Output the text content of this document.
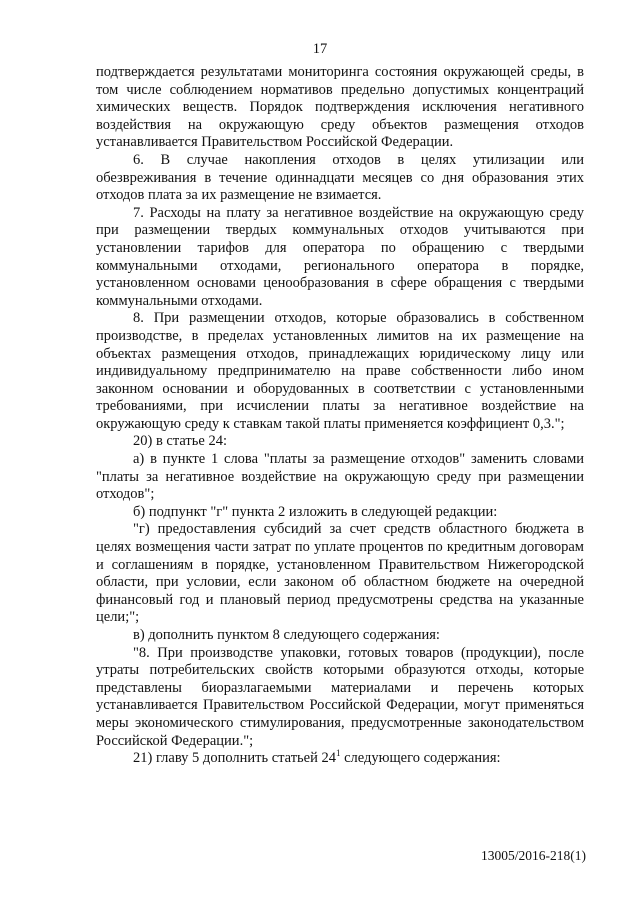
17

подтверждается результатами мониторинга состояния окружающей среды, в том числе соблюдением нормативов предельно допустимых концентраций химических веществ. Порядок подтверждения исключения негативного воздействия на окружающую среду объектов размещения отходов устанавливается Правительством Российской Федерации.

6. В случае накопления отходов в целях утилизации или обезвреживания в течение одиннадцати месяцев со дня образования этих отходов плата за их размещение не взимается.

7. Расходы на плату за негативное воздействие на окружающую среду при размещении твердых коммунальных отходов учитываются при установлении тарифов для оператора по обращению с твердыми коммунальными отходами, регионального оператора в порядке, установленном основами ценообразования в сфере обращения с твердыми коммунальными отходами.

8. При размещении отходов, которые образовались в собственном производстве, в пределах установленных лимитов на их размещение на объектах размещения отходов, принадлежащих юридическому лицу или индивидуальному предпринимателю на праве собственности либо ином законном основании и оборудованных в соответствии с установленными требованиями, при исчислении платы за негативное воздействие на окружающую среду к ставкам такой платы применяется коэффициент 0,3.";

20) в статье 24:

а) в пункте 1 слова "платы за размещение отходов" заменить словами "платы за негативное воздействие на окружающую среду при размещении отходов";

б) подпункт "г" пункта 2 изложить в следующей редакции:

"г) предоставления субсидий за счет средств областного бюджета в целях возмещения части затрат по уплате процентов по кредитным договорам и соглашениям в порядке, установленном Правительством Нижегородской области, при условии, если законом об областном бюджете на очередной финансовый год и плановый период предусмотрены средства на указанные цели;";

в) дополнить пунктом 8 следующего содержания:

"8. При производстве упаковки, готовых товаров (продукции), после утраты потребительских свойств которыми образуются отходы, которые представлены биоразлагаемыми материалами и перечень которых устанавливается Правительством Российской Федерации, могут применяться меры экономического стимулирования, предусмотренные законодательством Российской Федерации.";

21) главу 5 дополнить статьей $24^1$ следующего содержания:

13005/2016-218(1)
